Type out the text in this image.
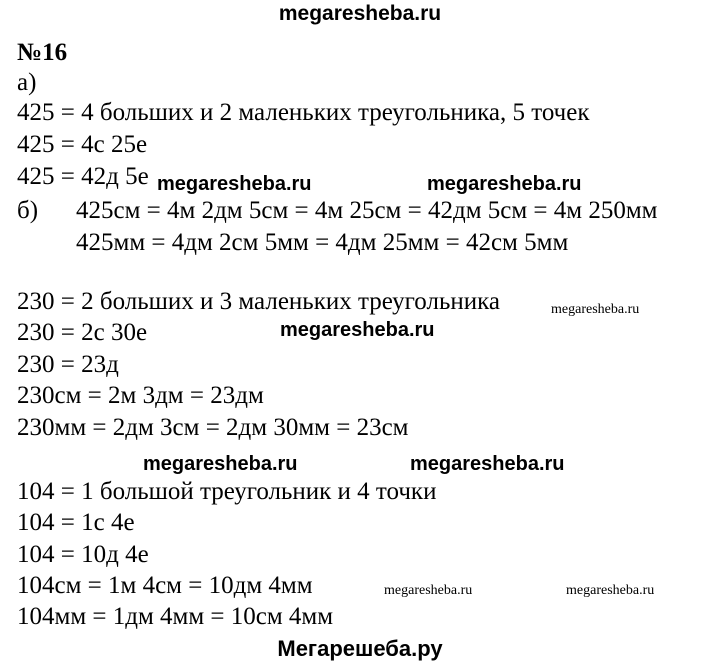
megaresheba.ru
№16
а)
425 = 4 больших и 2 маленьких треугольника, 5 точек
425 = 4с 25е
425 = 42д 5е megaresheba.ru	megaresheba.ru
б) 425см = 4м 2дм 5см = 4м 25см = 42дм 5см = 4м 250мм
425мм = 4дм 2см 5мм = 4дм 25мм = 42см 5мм
230 = 2 больших и 3 маленьких треугольника	megaresheba.ru
230 = 2с 30е	megaresheba.ru
230 = 23д
230см = 2м 3дм = 23дм
230мм = 2дм 3см = 2дм 30мм = 23см
megaresheba.ru	megaresheba.ru
104 = 1 большой треугольник и 4 точки
104 = 1с 4е
104 = 10д 4е
104см = 1м 4см = 10дм 4мм	megaresheba.ru	megaresheba.ru
104мм = 1дм 4мм = 10см 4мм
Мегарешеба.ру
